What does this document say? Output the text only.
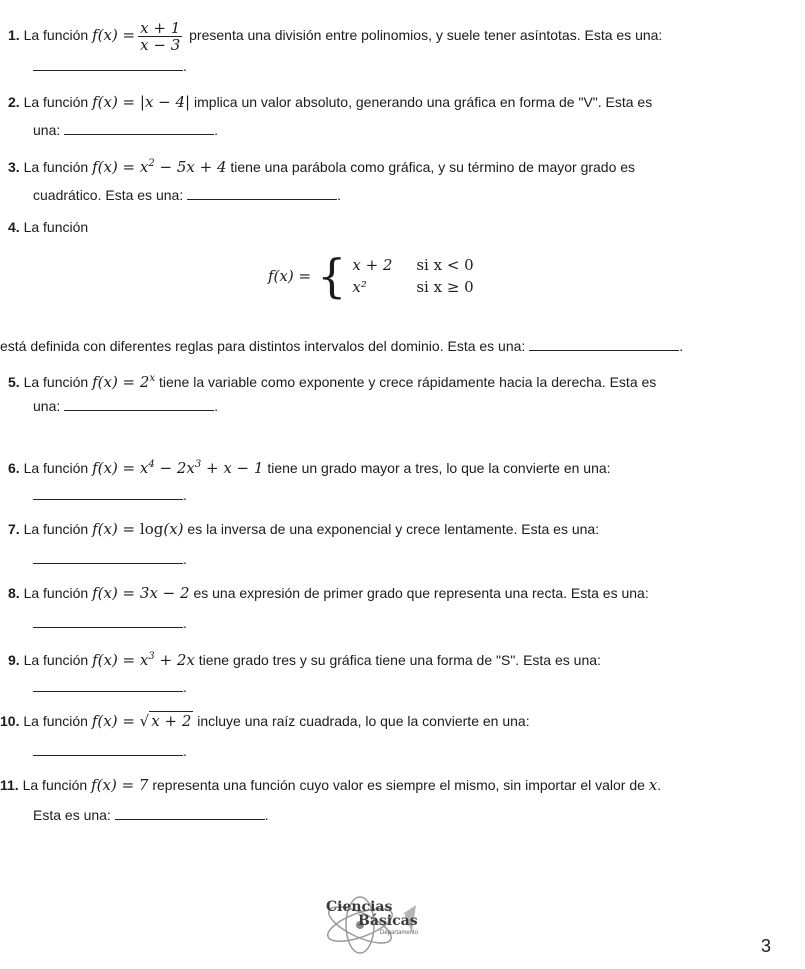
1. La función $f(x) = \frac{x + 1}{x - 3}$ presenta una división entre polinomios, y suele tener asíntotas. Esta es una:
.
2. La función f(x) = |x − 4| implica un valor absoluto, generando una gráfica en forma de "V". Esta es
una:	.
3. La función $f(x) = x^2 - 5x + 4$ tiene una parábola como gráfica, y su término de mayor grado es
cuadrático. Esta es una:	.
4. La función
f(x) = { x + 2 si x < 0
x²	si x ≥ 0
está definida con diferentes reglas para distintos intervalos del dominio. Esta es una:	.
5. La función $f(x) = 2^x$ tiene la variable como exponente y crece rápidamente hacia la derecha. Esta es
una:	.
6. La función $f(x) = x^4 - 2x^3 + x - 1$ tiene un grado mayor a tres, lo que la convierte en una:
.
7. La función f(x) = log(x) es la inversa de una exponencial y crece lentamente. Esta es una:
.
8. La función f(x) = 3x − 2 es una expresión de primer grado que representa una recta. Esta es una:
.
9. La función $f(x) = x^3 + 2x$ tiene grado tres y su gráfica tiene una forma de "S". Esta es una:
.
10. La función f(x) = √ x + 2 incluye una raíz cuadrada, lo que la convierte en una:
.
11. La función f(x) = 7 representa una función cuyo valor es siempre el mismo, sin importar el valor de x.
Esta es una:	.
Ciencias
Básicas
Departamento
3
